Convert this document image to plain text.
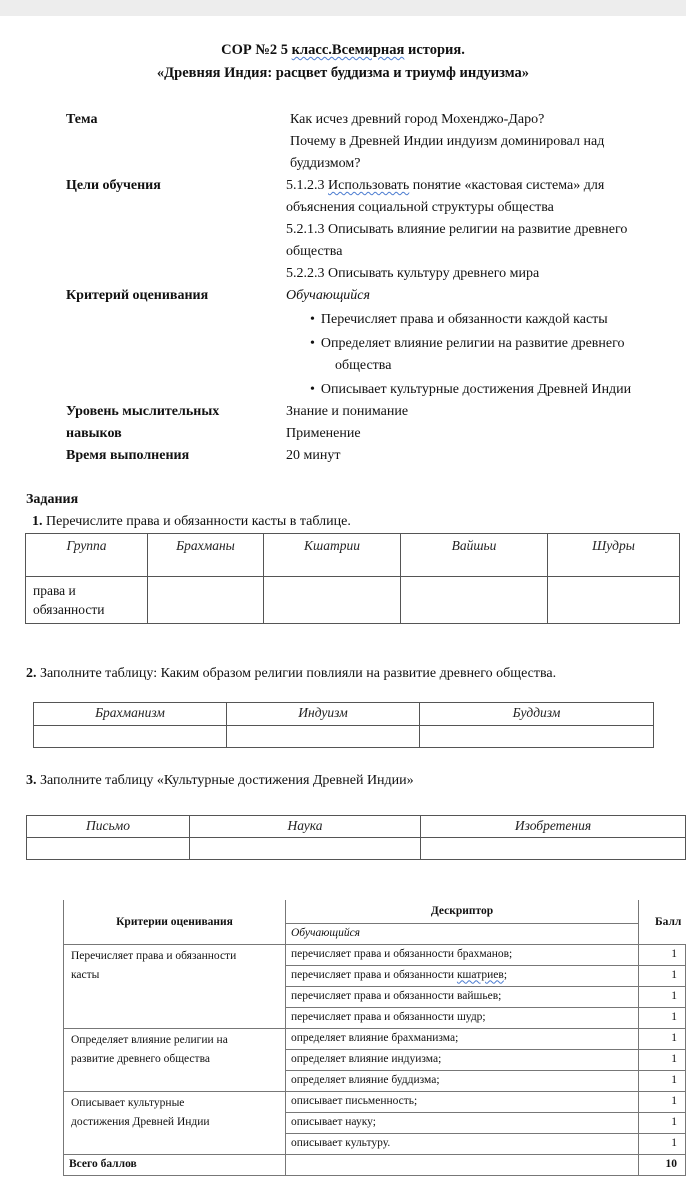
СОР №2 5 класс.Всемирная история.
«Древняя Индия: расцвет буддизма и триумф индуизма»
Тема	Как исчез древний город Мохенджо-Даро?
Почему в Древней Индии индуизм доминировал над
буддизмом?
Цели обучения	5.1.2.3 Использовать понятие «кастовая система» для
объяснения социальной структуры общества
5.2.1.3 Описывать влияние религии на развитие древнего
общества
5.2.2.3 Описывать культуру древнего мира
Критерий оценивания	Обучающийся
• Перечисляет права и обязанности каждой касты
• Определяет влияние религии на развитие древнего
общества
• Описывает культурные достижения Древней Индии
Уровень мыслительных	Знание и понимание
навыков	Применение
Время выполнения	20 минут
Задания
1. Перечислите права и обязанности касты в таблице.
Группа	Брахманы	Кшатрии	Вайшьи	Шудры

права и
обязанности				

2. Заполните таблицу: Каким образом религии повлияли на развитие древнего общества.
Брахманизм	Индуизм	Буддизм

3. Заполните таблицу «Культурные достижения Древней Индии»
Письмо	Наука	Изобретения

Критерии оценивания	Дескриптор	Балл
	Обучающийся	

Перечисляет права и обязанности
касты	перечисляет права и обязанности брахманов;	1
	перечисляет права и обязанности кшатриев;	1
	перечисляет права и обязанности вайшьев;	1
	перечисляет права и обязанности шудр;	1

Определяет влияние религии на
развитие древнего общества	определяет влияние брахманизма;	1
	определяет влияние индуизма;	1
	определяет влияние буддизма;	1

Описывает культурные
достижения Древней Индии	описывает письменность;	1
	описывает науку;	1
	описывает культуру.	1
Всего баллов		10
